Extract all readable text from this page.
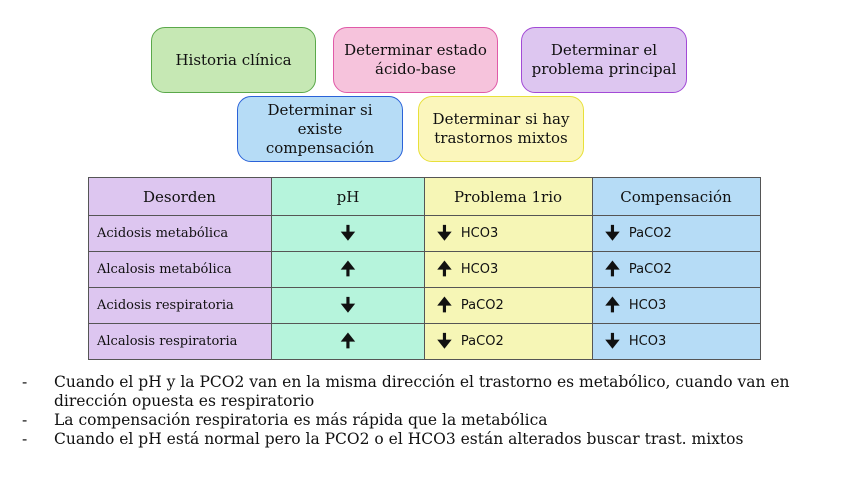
Historia clínica
Determinar estado ácido-base
Determinar el problema principal
Determinar si existe compensación
Determinar si hay trastornos mixtos
Desorden	pH	Problema 1rio	Compensación
Acidosis metabólica	🠋	🠋 HCO3	🠋 PaCO2
Alcalosis metabólica	🠉	🠉 HCO3	🠉 PaCO2
Acidosis respiratoria	🠋	🠉 PaCO2	🠉 HCO3
Alcalosis respiratoria	🠉	🠋 PaCO2	🠋 HCO3
- Cuando el pH y la PCO2 van en la misma dirección el trastorno es metabólico, cuando van en dirección opuesta es respiratorio
- La compensación respiratoria es más rápida que la metabólica
- Cuando el pH está normal pero la PCO2 o el HCO3 están alterados buscar trast. mixtos
